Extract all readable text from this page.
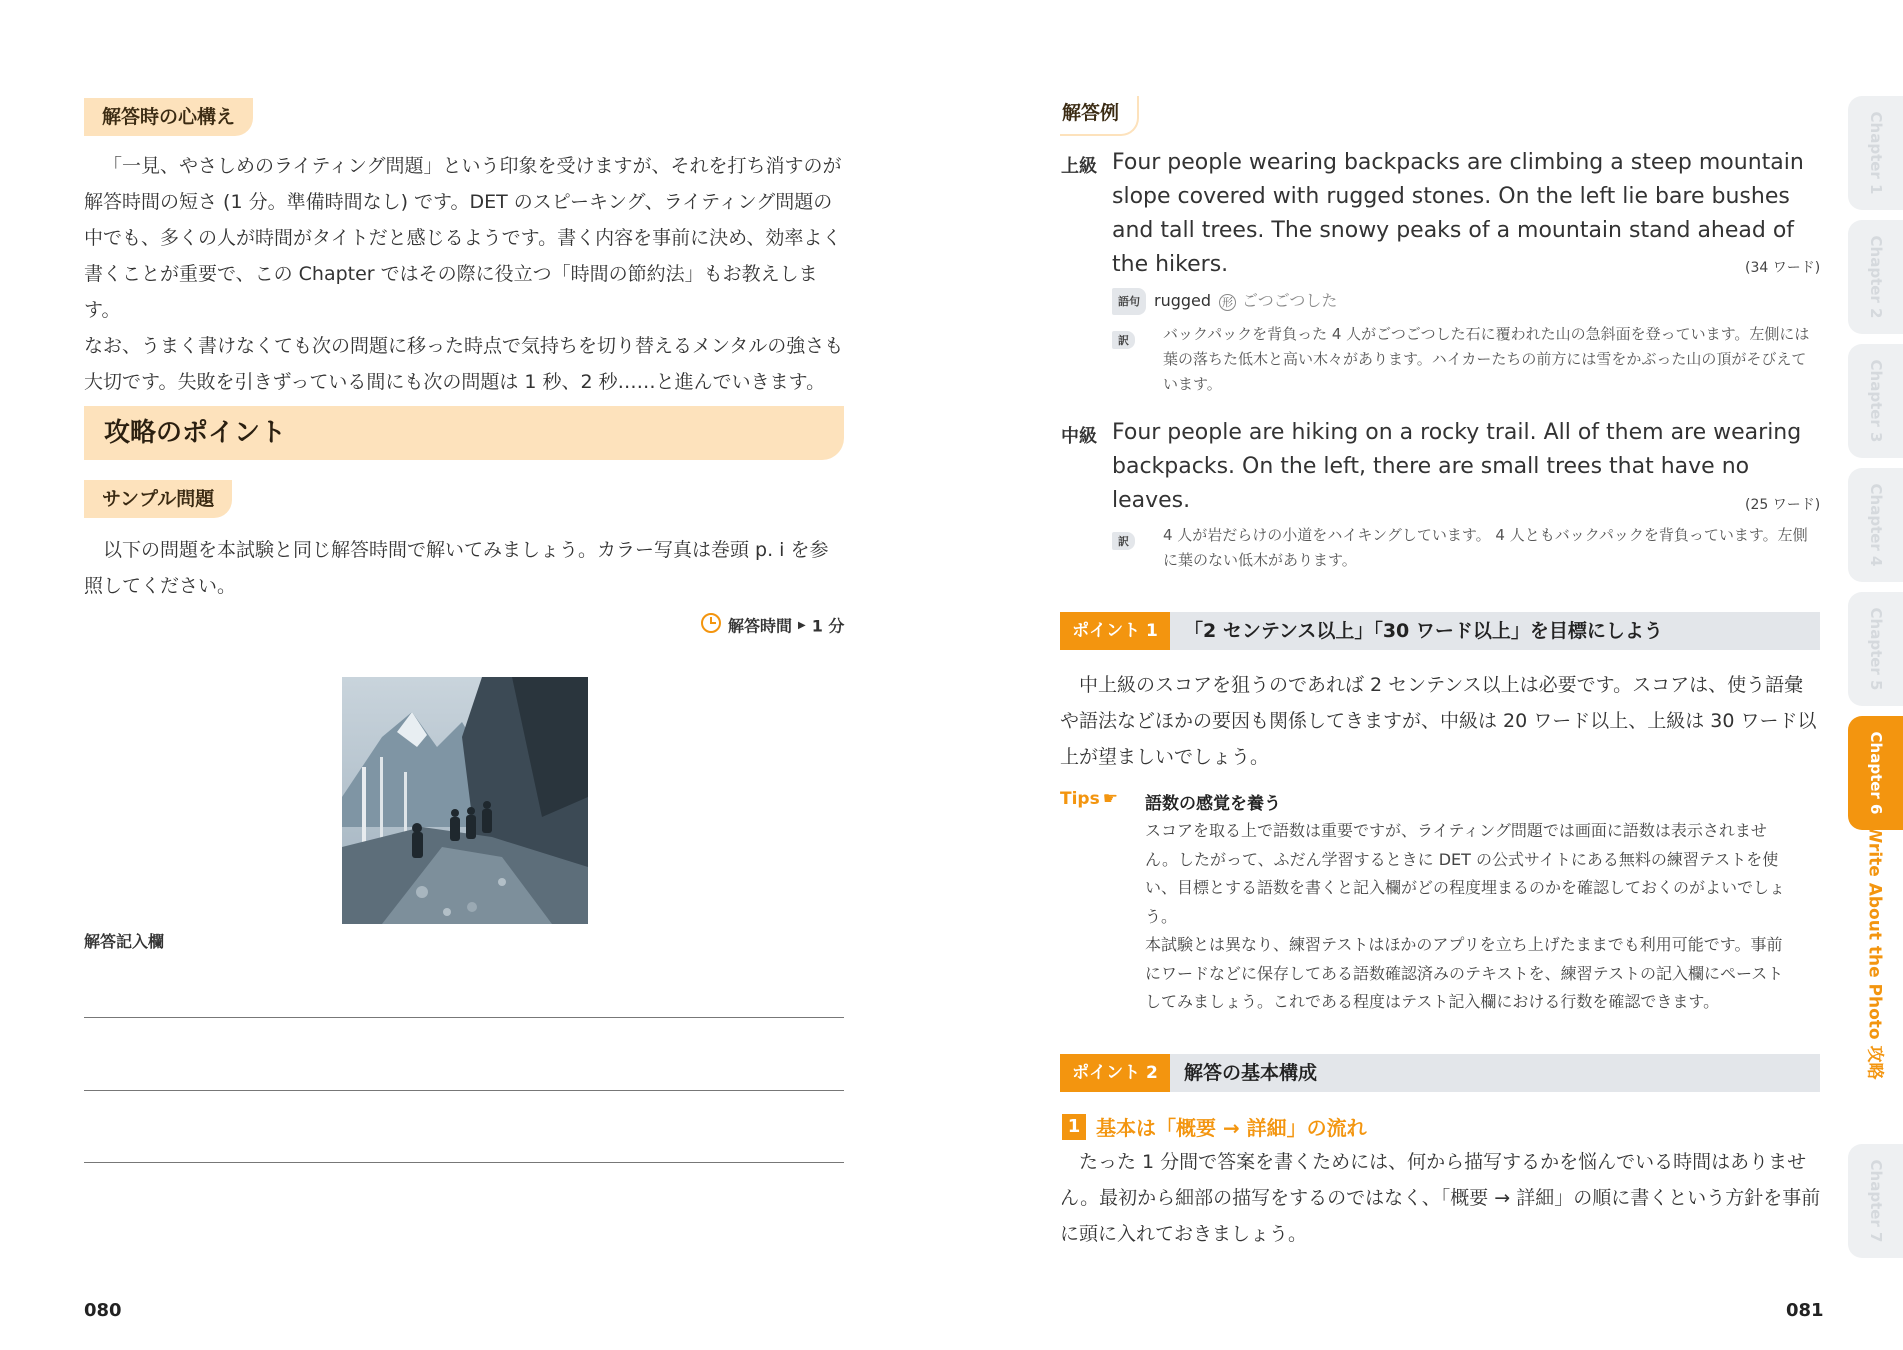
解答時の心構え
「一見、やさしめのライティング問題」という印象を受けますが、それを打ち消すのが
解答時間の短さ (1 分。準備時間なし) です。DET のスピーキング、ライティング問題の
中でも、多くの人が時間がタイトだと感じるようです。書く内容を事前に決め、効率よく
書くことが重要で、この Chapter ではその際に役立つ「時間の節約法」もお教えします。
なお、うまく書けなくても次の問題に移った時点で気持ちを切り替えるメンタルの強さも
大切です。失敗を引きずっている間にも次の問題は 1 秒、2 秒……と進んでいきます。
攻略のポイント
サンプル問題
以下の問題を本試験と同じ解答時間で解いてみましょう。カラー写真は巻頭 p. i を参
照してください。
解答時間 ▶ 1 分
解答記入欄
080
解答例
上級 Four people wearing backpacks are climbing a steep mountain
slope covered with rugged stones. On the left lie bare bushes
and tall trees. The snowy peaks of a mountain stand ahead of
the hikers.	(34 ワード)
語句 rugged 形 ごつごつした
訳	バックパックを背負った 4 人がごつごつした石に覆われた山の急斜面を登っています。左側には
葉の落ちた低木と高い木々があります。ハイカーたちの前方には雪をかぶった山の頂がそびえて
います。
中級 Four people are hiking on a rocky trail. All of them are wearing
backpacks. On the left, there are small trees that have no
leaves.	(25 ワード)
訳	4 人が岩だらけの小道をハイキングしています。 4 人ともバックパックを背負っています。左側
に葉のない低木があります。
ポイント 1	「2 センテンス以上」「30 ワード以上」を目標にしよう
中上級のスコアを狙うのであれば 2 センテンス以上は必要です。スコアは、使う語彙
や語法などほかの要因も関係してきますが、中級は 20 ワード以上、上級は 30 ワード以
上が望ましいでしょう。
Tips ☛ 語数の感覚を養う
スコアを取る上で語数は重要ですが、ライティング問題では画面に語数は表示されませ
ん。したがって、ふだん学習するときに DET の公式サイトにある無料の練習テストを使
い、目標とする語数を書くと記入欄がどの程度埋まるのかを確認しておくのがよいでしょ
う。
本試験とは異なり、練習テストはほかのアプリを立ち上げたままでも利用可能です。事前
にワードなどに保存してある語数確認済みのテキストを、練習テストの記入欄にペースト
してみましょう。これである程度はテスト記入欄における行数を確認できます。
ポイント 2	解答の基本構成
1 基本は「概要 → 詳細」の流れ
たった 1 分間で答案を書くためには、何から描写するかを悩んでいる時間はありませ
ん。最初から細部の描写をするのではなく、「概要 → 詳細」の順に書くという方針を事前
に頭に入れておきましょう。
081
Chapter 1
Chapter 2
Chapter 3
Chapter 4
Chapter 5
Chapter 6
Write About the Photo 攻略
Chapter 7
